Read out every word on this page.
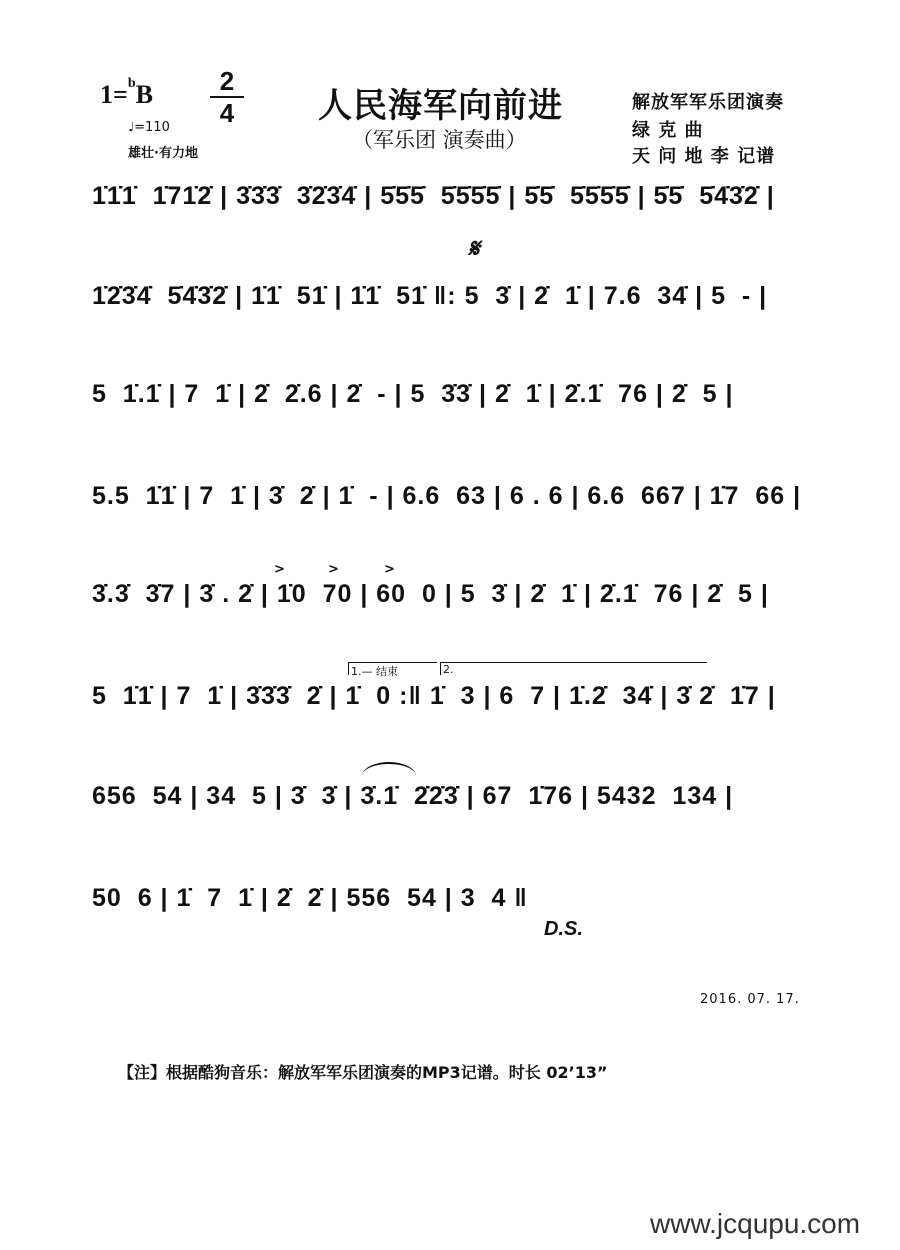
1=$^b$B	2
4
♩=110
雄壮·有力地
人民海军向前进
（军乐团 演奏曲）
解放军军乐团演奏
绿 克 曲
天 问 地 李 记谱
𝄋
1.— 结束	2.
>	>	>
1̇1̇1̇  1̇71̇2̇ | 3̇3̇3̇  3̇2̇3̇4̇ | 5̇5̇5̇  5̇5̇5̇5̇ | 5̇5̇  5̇5̇5̇5̇ | 5̇5̇  5̇4̇3̇2̇ |
1̇2̇3̇4̇  5̇4̇3̇2̇ | 1̇1̇  51̇ | 1̇1̇  51̇ ‖: 5  3̇ | 2̇  1̇ | 7.6  34̇ | 5  - |
5  1̇.1̇ | 7  1̇ | 2̇  2̇.6 | 2̇  - | 5  3̇3̇ | 2̇  1̇ | 2̇.1̇  76 | 2̇  5 |
5.5  1̇1̇ | 7  1̇ | 3̇  2̇ | 1̇  - | 6.6  63 | 6 . 6 | 6.6  667 | 1̇7  66 |
3̇.3̇  3̇7 | 3̇ . 2̇ | 1̇0  70 | 60  0 | 5  3̇ | 2̇  1̇ | 2̇.1̇  76 | 2̇  5 |
5  1̇1̇ | 7  1̇ | 3̇3̇3̇  2̇ | 1̇  0 :‖ 1̇  3 | 6  7 | 1̇.2̇  34̇ | 3̇ 2̇  1̇7 |
656  54 | 34  5 | 3̇  3̇ | 3̇.1̇  2̇2̇3̇ | 67  1̇76 | 5432  134 |
50  6 | 1̇  7  1̇ | 2̇  2̇ | 556  54 | 3  4 ‖
D.S.
2016. 07. 17.
【注】根据酷狗音乐：解放军军乐团演奏的MP3记谱。时长 02’13”
www.jcqupu.com
